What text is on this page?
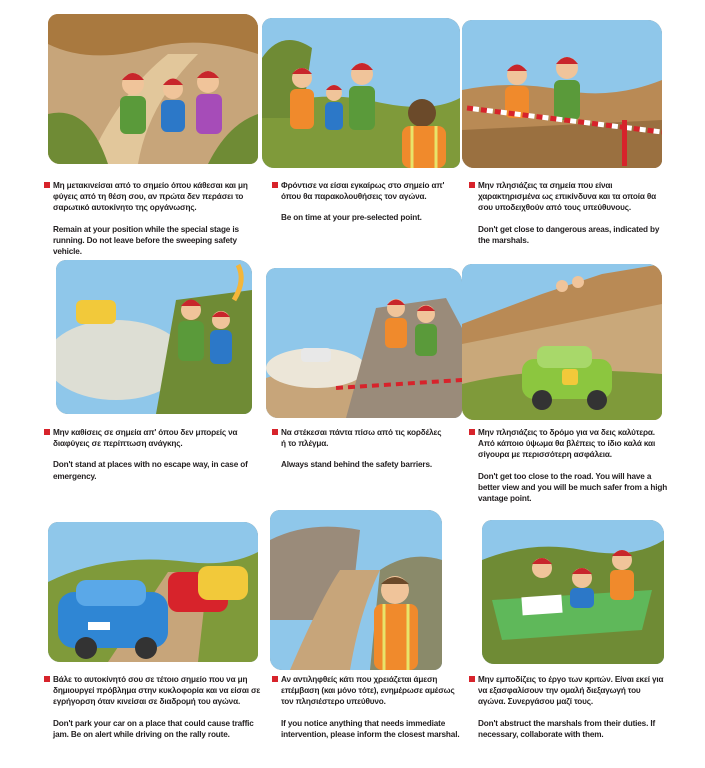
Μη μετακινείσαι από το σημείο όπου κάθεσαι και μη φύγεις από τη θέση σου, αν πρώτα δεν περάσει το σαρωτικό αυτοκίνητο της οργάνωσης.
Remain at your position while the special stage is running. Do not leave before the sweeping safety vehicle.
Φρόντισε να είσαι εγκαίρως στο σημείο απ' όπου θα παρακολουθήσεις τον αγώνα.
Be on time at your pre-selected point.
Μην πλησιάζεις τα σημεία που είναι χαρακτηρισμένα ως επικίνδυνα και τα οποία θα σου υποδειχθούν από τους υπεύθυνους.
Don't get close to dangerous areas, indicated by the marshals.
Μην καθίσεις σε σημεία απ' όπου δεν μπορείς να διαφύγεις σε περίπτωση ανάγκης.
Don't stand at places with no escape way, in case of emergency.
Να στέκεσαι πάντα πίσω από τις κορδέλες ή το πλέγμα.
Always stand behind the safety barriers.
Μην πλησιάζεις το δρόμο για να δεις καλύτερα. Από κάποιο ύψωμα θα βλέπεις το ίδιο καλά και σίγουρα με περισσότερη ασφάλεια.
Don't get too close to the road. You will have a better view and you will be much safer from a high vantage point.
Βάλε το αυτοκίνητό σου σε τέτοιο σημείο που να μη δημιουργεί πρόβλημα στην κυκλοφορία και να είσαι σε εγρήγορση όταν κινείσαι σε διαδρομή του αγώνα.
Don't park your car on a place that could cause traffic jam. Be on alert while driving on the rally route.
Αν αντιληφθείς κάτι που χρειάζεται άμεση επέμβαση (και μόνο τότε), ενημέρωσε αμέσως τον πλησιέστερο υπεύθυνο.
If you notice anything that needs immediate intervention, please inform the closest marshal.
Μην εμποδίζεις το έργο των κριτών. Είναι εκεί για να εξασφαλίσουν την ομαλή διεξαγωγή του αγώνα. Συνεργάσου μαζί τους.
Don't abstruct the marshals from their duties. If necessary, collaborate with them.
